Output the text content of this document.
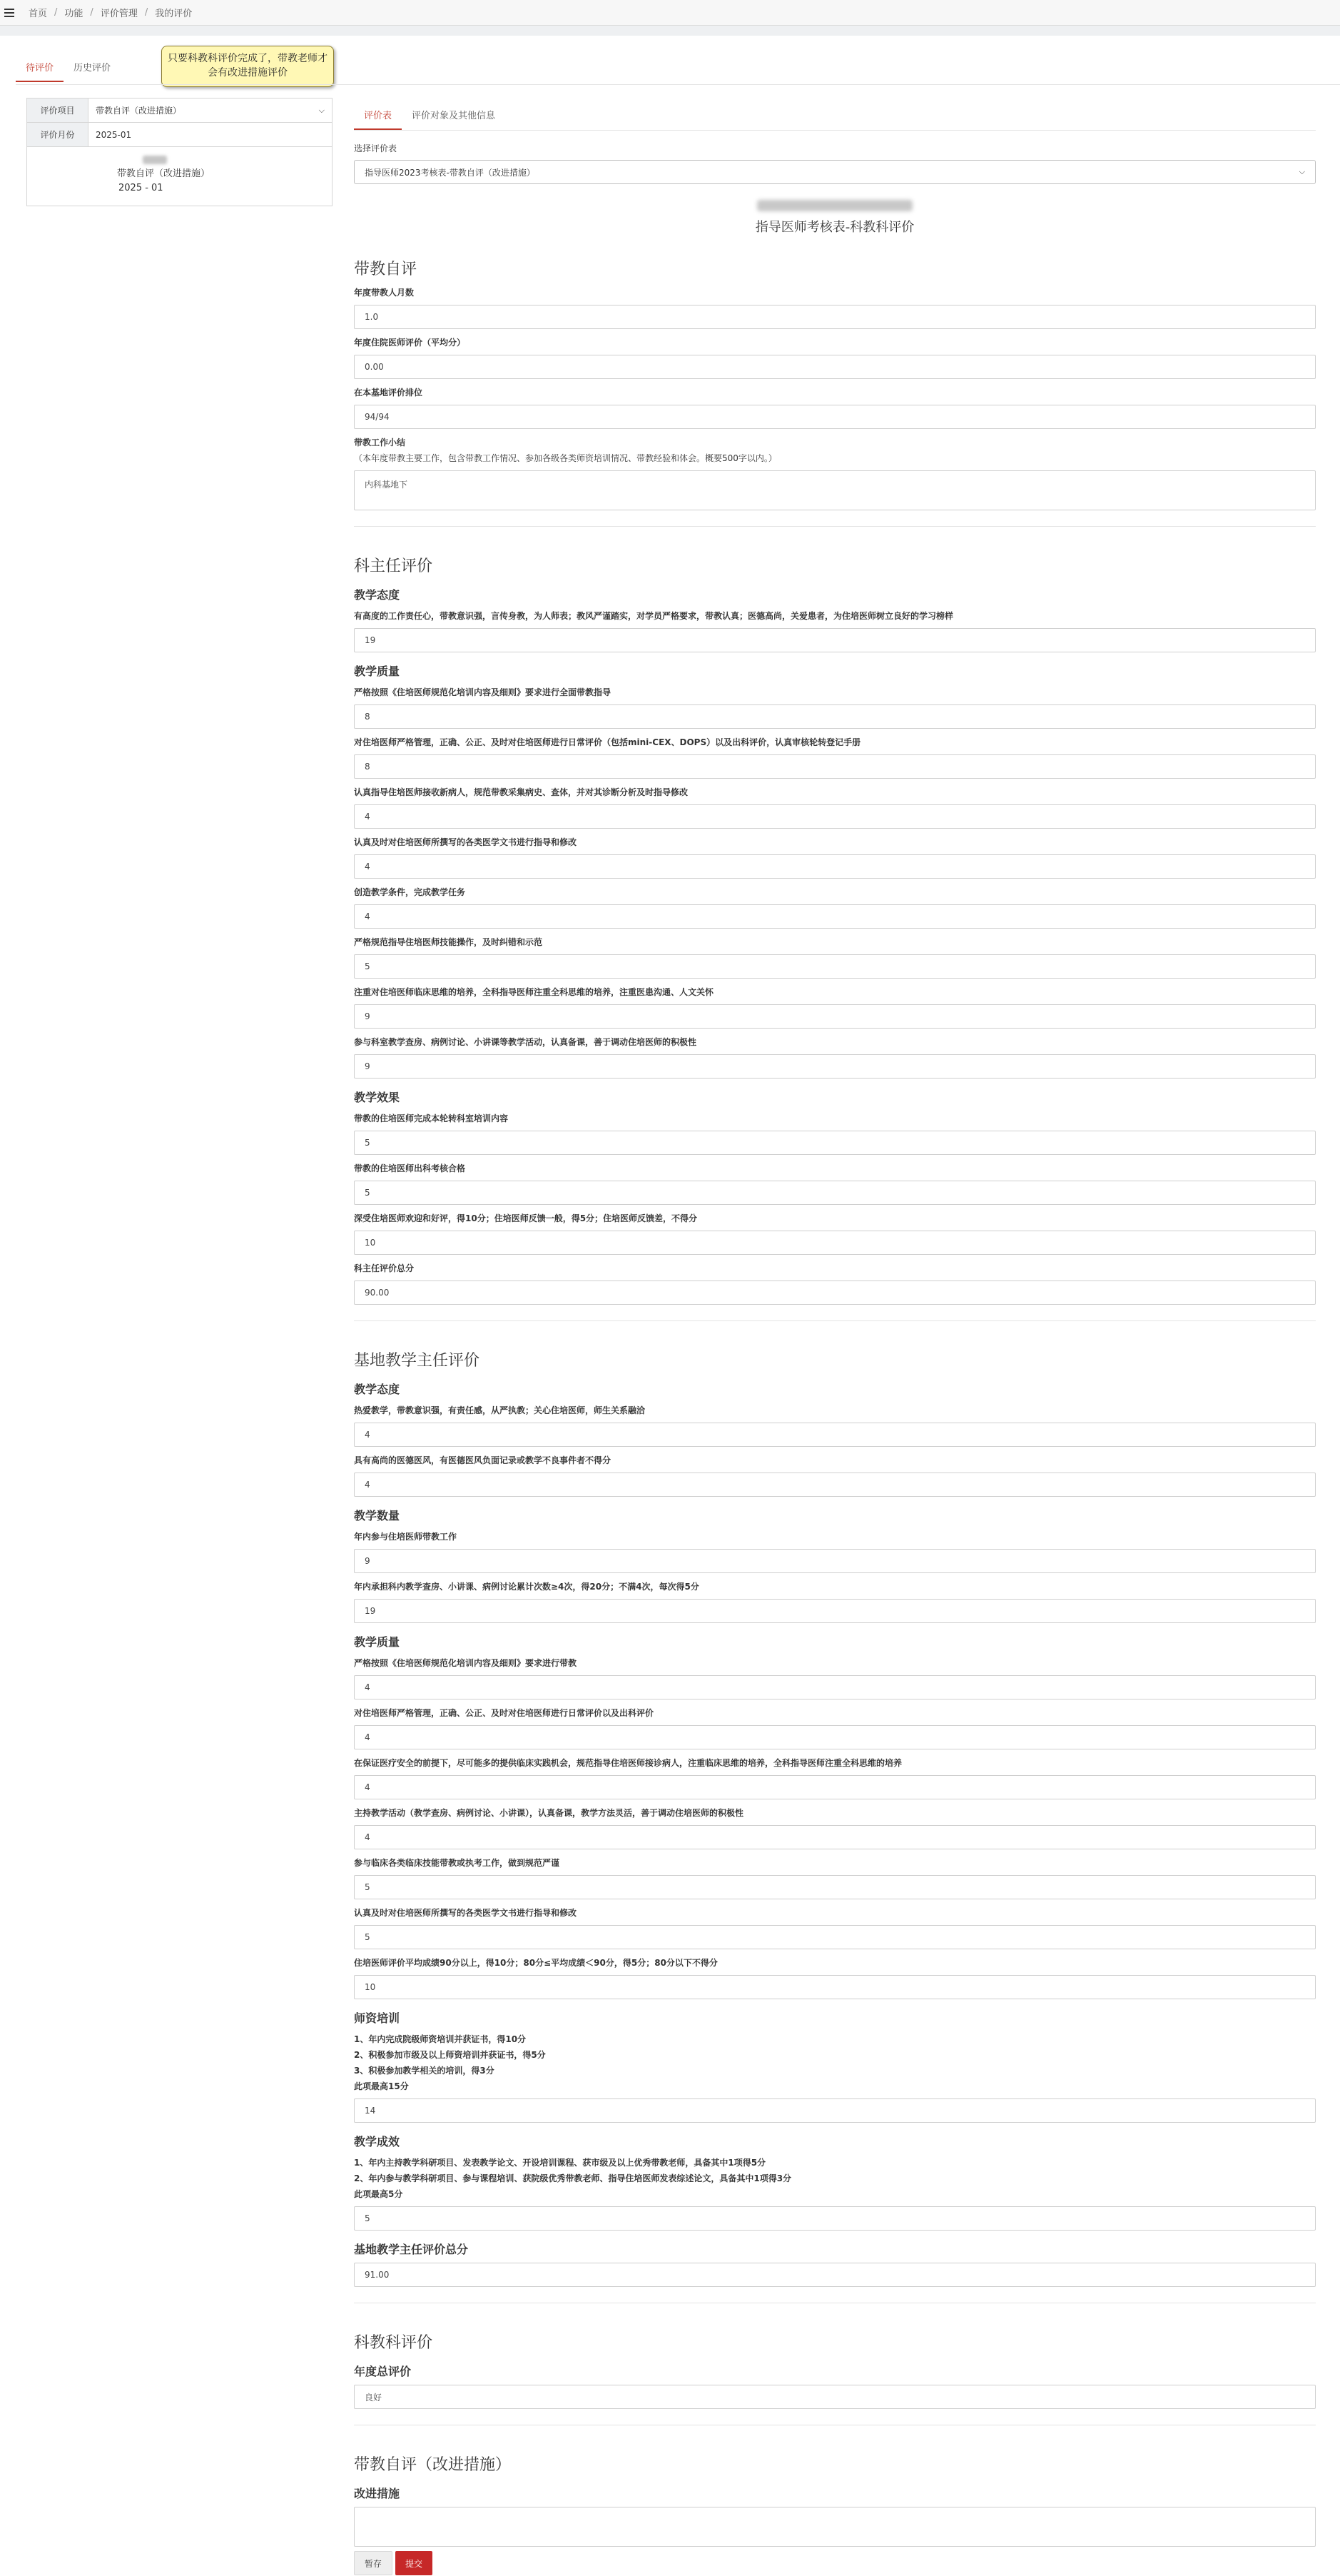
首页 / 功能 / 评价管理 / 我的评价
待评价	历史评价
只要科教科评价完成了，带教老师才会有改进措施评价
评价项目	带教自评（改进措施）	⌵
评价月份	2025-01
带教自评（改进措施）
2025 - 01
评价表	评价对象及其他信息
选择评价表
指导医师2023考核表-带教自评（改进措施）	⌵
指导医师考核表-科教科评价
带教自评
年度带教人月数
1.0
年度住院医师评价（平均分）
0.00
在本基地评价排位
94/94
带教工作小结
（本年度带教主要工作，包含带教工作情况、参加各级各类师资培训情况、带教经验和体会。概要500字以内。）
内科基地下
科主任评价
教学态度
有高度的工作责任心，带教意识强，言传身教，为人师表；教风严谨踏实，对学员严格要求，带教认真；医德高尚，关爱患者，为住培医师树立良好的学习榜样
19
教学质量
严格按照《住培医师规范化培训内容及细则》要求进行全面带教指导
8
对住培医师严格管理，正确、公正、及时对住培医师进行日常评价（包括mini-CEX、DOPS）以及出科评价，认真审核轮转登记手册
8
认真指导住培医师接收新病人，规范带教采集病史、查体，并对其诊断分析及时指导修改
4
认真及时对住培医师所撰写的各类医学文书进行指导和修改
4
创造教学条件，完成教学任务
4
严格规范指导住培医师技能操作，及时纠错和示范
5
注重对住培医师临床思维的培养，全科指导医师注重全科思维的培养，注重医患沟通、人文关怀
9
参与科室教学查房、病例讨论、小讲课等教学活动，认真备课，善于调动住培医师的积极性
9
教学效果
带教的住培医师完成本轮转科室培训内容
5
带教的住培医师出科考核合格
5
深受住培医师欢迎和好评，得10分；住培医师反馈一般，得5分；住培医师反馈差，不得分
10
科主任评价总分
90.00
基地教学主任评价
教学态度
热爱教学，带教意识强，有责任感，从严执教；关心住培医师，师生关系融洽
4
具有高尚的医德医风，有医德医风负面记录或教学不良事件者不得分
4
教学数量
年内参与住培医师带教工作
9
年内承担科内教学查房、小讲课、病例讨论累计次数≥4次，得20分；不满4次，每次得5分
19
教学质量
严格按照《住培医师规范化培训内容及细则》要求进行带教
4
对住培医师严格管理，正确、公正、及时对住培医师进行日常评价以及出科评价
4
在保证医疗安全的前提下，尽可能多的提供临床实践机会，规范指导住培医师接诊病人，注重临床思维的培养，全科指导医师注重全科思维的培养
4
主持教学活动（教学查房、病例讨论、小讲课），认真备课，教学方法灵活，善于调动住培医师的积极性
4
参与临床各类临床技能带教或执考工作，做到规范严谨
5
认真及时对住培医师所撰写的各类医学文书进行指导和修改
5
住培医师评价平均成绩90分以上，得10分；80分≤平均成绩＜90分，得5分；80分以下不得分
10
师资培训
1、年内完成院级师资培训并获证书，得10分
2、积极参加市级及以上师资培训并获证书，得5分
3、积极参加教学相关的培训，得3分
此项最高15分
14
教学成效
1、年内主持教学科研项目、发表教学论文、开设培训课程、获市级及以上优秀带教老师，具备其中1项得5分
2、年内参与教学科研项目、参与课程培训、获院级优秀带教老师、指导住培医师发表综述论文，具备其中1项得3分
此项最高5分
5
基地教学主任评价总分
91.00
科教科评价
年度总评价
良好
带教自评（改进措施）
改进措施
暂存	提交
